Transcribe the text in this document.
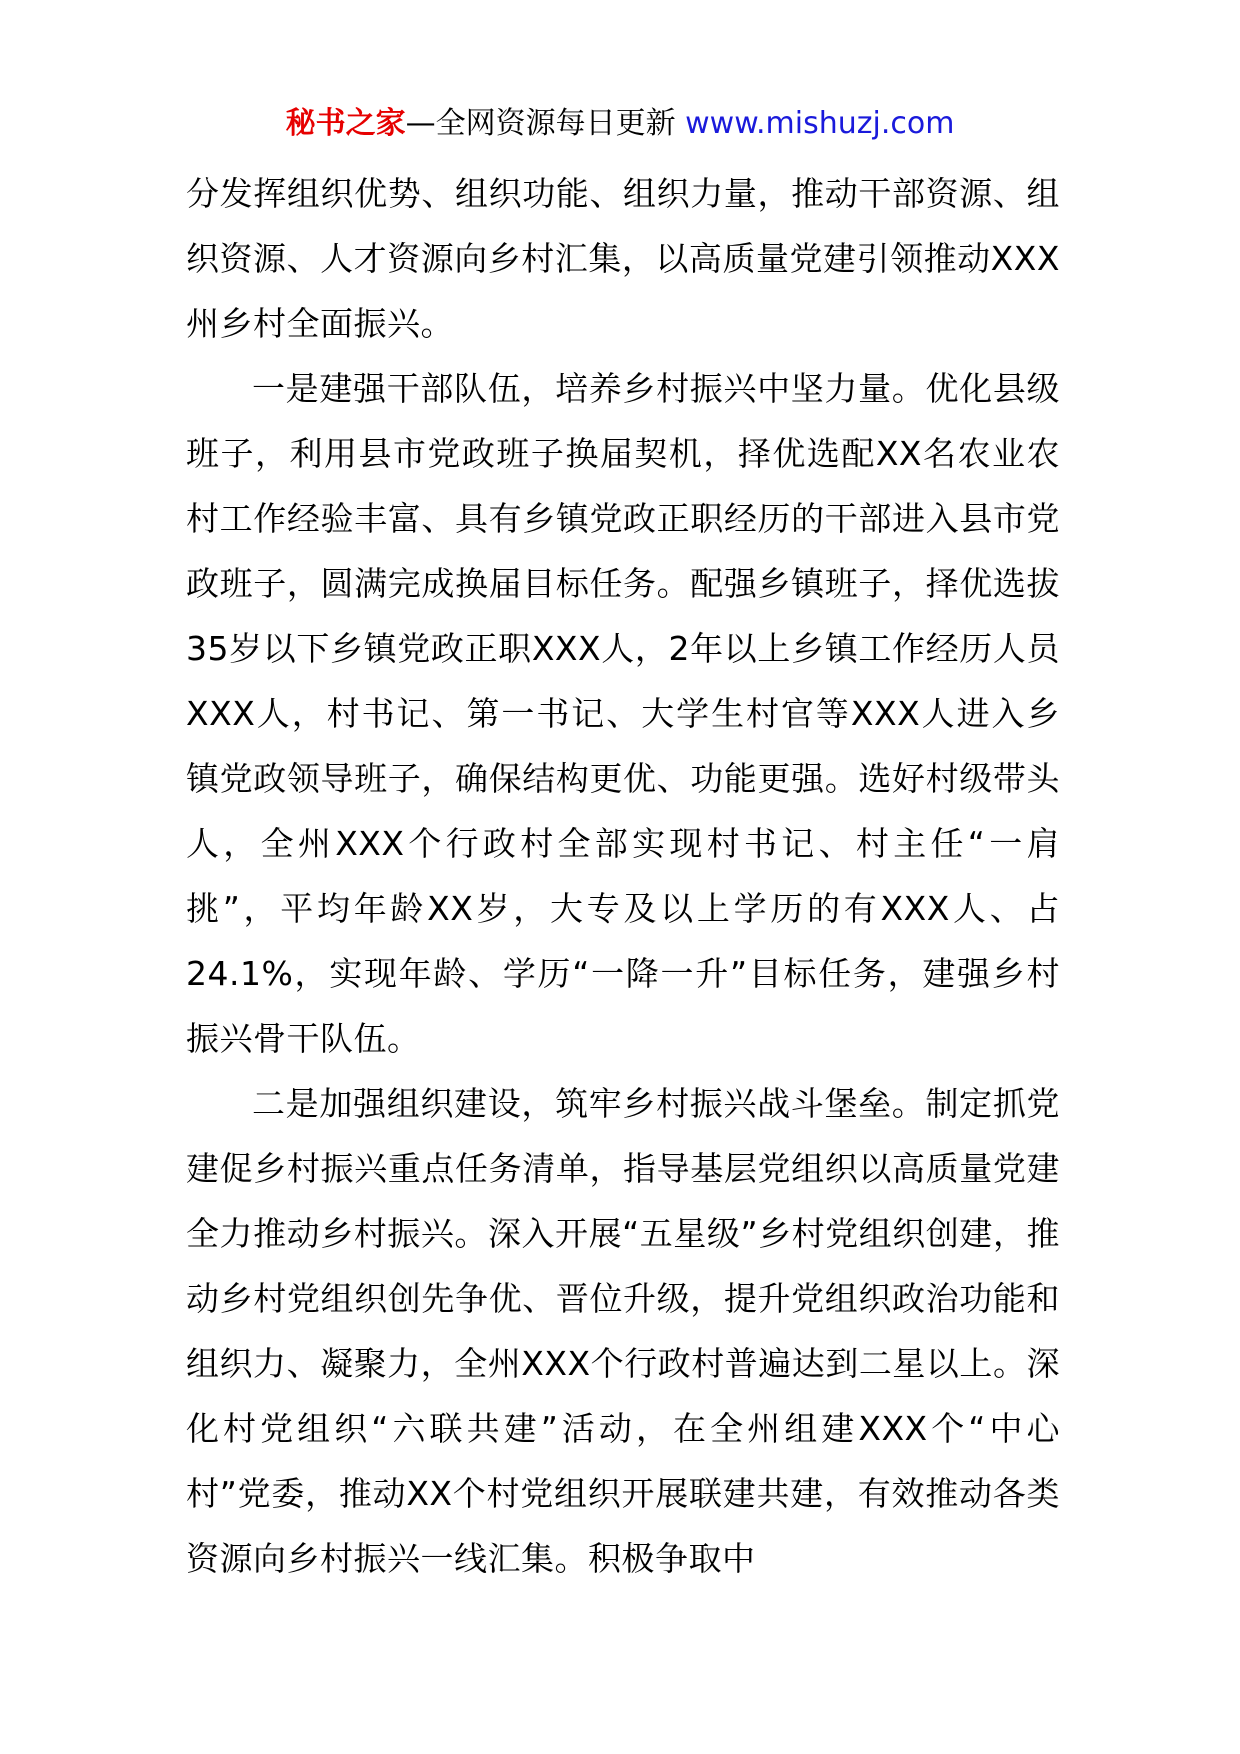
秘书之家—全网资源每日更新 www.mishuzj.com

分发挥组织优势、组织功能、组织力量，推动干部资源、组织资源、人才资源向乡村汇集，以高质量党建引领推动XXX州乡村全面振兴。

一是建强干部队伍，培养乡村振兴中坚力量。优化县级班子，利用县市党政班子换届契机，择优选配XX名农业农村工作经验丰富、具有乡镇党政正职经历的干部进入县市党政班子，圆满完成换届目标任务。配强乡镇班子，择优选拔35岁以下乡镇党政正职XXX人，2年以上乡镇工作经历人员XXX人，村书记、第一书记、大学生村官等XXX人进入乡镇党政领导班子，确保结构更优、功能更强。选好村级带头人，全州XXX个行政村全部实现村书记、村主任“一肩挑”，平均年龄XX岁，大专及以上学历的有XXX人、占24.1%，实现年龄、学历“一降一升”目标任务，建强乡村振兴骨干队伍。

二是加强组织建设，筑牢乡村振兴战斗堡垒。制定抓党建促乡村振兴重点任务清单，指导基层党组织以高质量党建全力推动乡村振兴。深入开展“五星级”乡村党组织创建，推动乡村党组织创先争优、晋位升级，提升党组织政治功能和组织力、凝聚力，全州XXX个行政村普遍达到二星以上。深化村党组织“六联共建”活动，在全州组建XXX个“中心村”党委，推动XX个村党组织开展联建共建，有效推动各类资源向乡村振兴一线汇集。积极争取中
